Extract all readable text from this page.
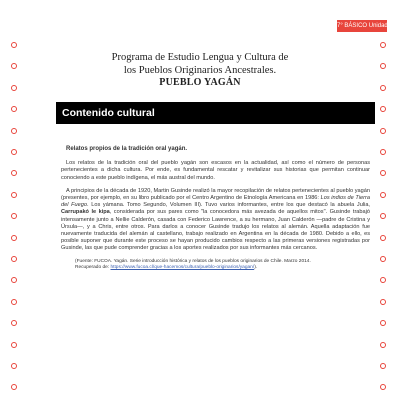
7° BÁSICO Unidad 1
Programa de Estudio Lengua y Cultura de
los Pueblos Originarios Ancestrales.
PUEBLO YAGÁN
Contenido cultural
Relatos propios de la tradición oral yagán.

Los relatos de la tradición oral del pueblo yagán son escasos en la actualidad, así como el número de personas pertenecientes a dicha cultura. Por ende, es fundamental rescatar y revitalizar sus historias que permitan continuar conociendo a este pueblo indígena, el más austral del mundo.

A principios de la década de 1920, Martin Gusinde realizó la mayor recopilación de relatos pertenecientes al pueblo yagán (presentes, por ejemplo, en su libro publicado por el Centro Argentino de Etnología Americana en 1986: Los indios de Tierra del Fuego. Los yámana. Tomo Segundo, Volumen III). Tuvo varios informantes, entre los que destacó la abuela Julia, Carrupakó le kipa, considerada por sus pares como "la conocedora más avezada de aquellos mitos". Gusinde trabajó intensamente junto a Nellie Calderón, casada con Federico Lawrence, a su hermano, Juan Calderón —padre de Cristina y Úrsula—, y a Chris, entre otros. Para darlos a conocer Gusinde tradujo los relatos al alemán. Aquella adaptación fue nuevamente traducida del alemán al castellano, trabajo realizado en Argentina en la década de 1980. Debido a ello, es posible suponer que durante este proceso se hayan producido cambios respecto a las primeras versiones registradas por Gusinde, las que pude comprender gracias a los aportes realizados por sus informantes más cercanos.

(Fuente: FUCOA. Yagán. Serie introducción histórica y relatos de los pueblos originarios de Chile. Marzo 2014.
Recuperado de: https://www.fucoa.cl/que-hacemos/cultura/pueblo-originarios/yagan/).
